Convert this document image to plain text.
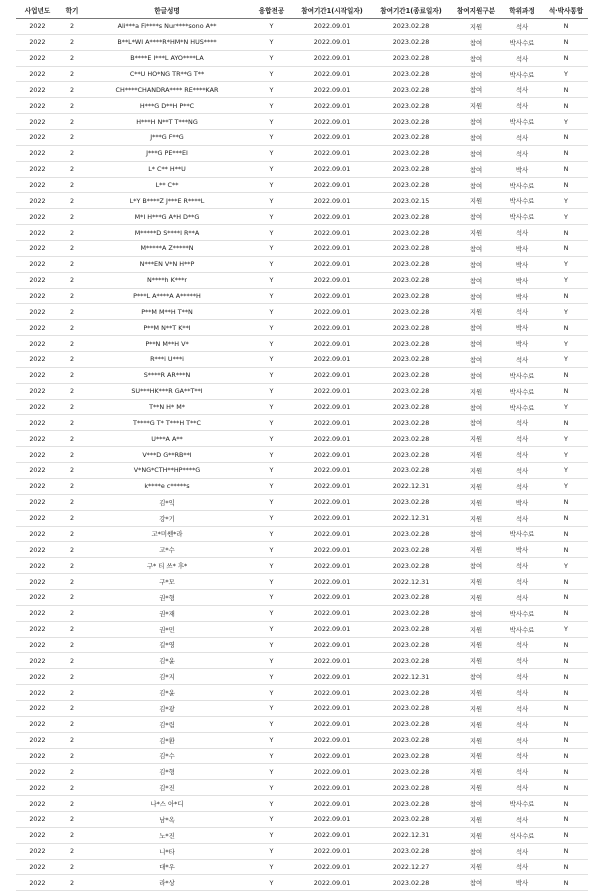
사업년도	학기	한글성명	융합전공	참여기간1(시작일자)	참여기간1(종료일자)	참여지원구분	학위과정	석·박사통합
2022	2	Ali***a Fi****s Nur****sono A**	Y	2022.09.01	2023.02.28	지원	석사	N
2022	2	B**L*WI A****R*HM*N HUS****	Y	2022.09.01	2023.02.28	참여	박사수료	N
2022	2	B****E I***L AYO****LA	Y	2022.09.01	2023.02.28	참여	석사	N
2022	2	C**U HO*NG TR**G T**	Y	2022.09.01	2023.02.28	참여	박사수료	Y
2022	2	CH****CHANDRA**** RE****KAR	Y	2022.09.01	2023.02.28	참여	석사	N
2022	2	H***G D**H P**C	Y	2022.09.01	2023.02.28	지원	석사	N
2022	2	H***H N**T T***NG	Y	2022.09.01	2023.02.28	참여	박사수료	Y
2022	2	J***G F**G	Y	2022.09.01	2023.02.28	참여	석사	N
2022	2	J***G PE***EI	Y	2022.09.01	2023.02.28	참여	석사	N
2022	2	L* C** H**U	Y	2022.09.01	2023.02.28	참여	박사	N
2022	2	L** C**	Y	2022.09.01	2023.02.28	참여	박사수료	N
2022	2	L*Y B****Z J***E R****L	Y	2022.09.01	2023.02.15	지원	박사수료	Y
2022	2	M*I H***G A*H D**G	Y	2022.09.01	2023.02.28	참여	박사수료	Y
2022	2	M*****D S****I R**A	Y	2022.09.01	2023.02.28	지원	석사	N
2022	2	M*****A Z*****N	Y	2022.09.01	2023.02.28	참여	박사	N
2022	2	N***EN V*N H**P	Y	2022.09.01	2023.02.28	참여	박사	Y
2022	2	N****h K***r	Y	2022.09.01	2023.02.28	참여	박사	Y
2022	2	P***L A****A A*****H	Y	2022.09.01	2023.02.28	참여	박사	N
2022	2	P**M M**H T**N	Y	2022.09.01	2023.02.28	지원	석사	Y
2022	2	P**M N**T K**I	Y	2022.09.01	2023.02.28	참여	박사	N
2022	2	P**N M**H V*	Y	2022.09.01	2023.02.28	참여	박사	Y
2022	2	R***i U***i	Y	2022.09.01	2023.02.28	참여	석사	Y
2022	2	S****R AR***N	Y	2022.09.01	2023.02.28	참여	박사수료	N
2022	2	SU***HK***R GA**T**I	Y	2022.09.01	2023.02.28	지원	박사수료	N
2022	2	T**N H* M*	Y	2022.09.01	2023.02.28	참여	박사수료	Y
2022	2	T****G T* T***H T**C	Y	2022.09.01	2023.02.28	참여	석사	N
2022	2	U***A A**	Y	2022.09.01	2023.02.28	지원	석사	Y
2022	2	V***D G**RB**I	Y	2022.09.01	2023.02.28	지원	석사	Y
2022	2	V*NG*CTH**HP****G	Y	2022.09.01	2023.02.28	지원	석사	Y
2022	2	k****e c*****s	Y	2022.09.01	2022.12.31	지원	석사	Y
2022	2	김*익	Y	2022.09.01	2023.02.28	지원	박사	N
2022	2	강*기	Y	2022.09.01	2022.12.31	지원	석사	N
2022	2	고*미쎈*라	Y	2022.09.01	2023.02.28	참여	박사수료	N
2022	2	고*수	Y	2022.09.01	2023.02.28	지원	박사	N
2022	2	구* 티 쓰* 후*	Y	2022.09.01	2023.02.28	참여	석사	Y
2022	2	구*모	Y	2022.09.01	2022.12.31	지원	석사	N
2022	2	권*형	Y	2022.09.01	2023.02.28	지원	석사	N
2022	2	권*재	Y	2022.09.01	2023.02.28	참여	박사수료	N
2022	2	권*민	Y	2022.09.01	2023.02.28	지원	박사수료	Y
2022	2	길*영	Y	2022.09.01	2023.02.28	지원	석사	N
2022	2	김*윤	Y	2022.09.01	2023.02.28	지원	석사	N
2022	2	김*지	Y	2022.09.01	2022.12.31	참여	석사	N
2022	2	김*윤	Y	2022.09.01	2023.02.28	지원	석사	N
2022	2	김*광	Y	2022.09.01	2023.02.28	지원	석사	N
2022	2	김*림	Y	2022.09.01	2023.02.28	지원	석사	N
2022	2	김*환	Y	2022.09.01	2023.02.28	지원	석사	N
2022	2	김*수	Y	2022.09.01	2023.02.28	지원	석사	N
2022	2	김*형	Y	2022.09.01	2023.02.28	지원	석사	N
2022	2	김*진	Y	2022.09.01	2023.02.28	지원	석사	N
2022	2	나*스 아*디	Y	2022.09.01	2023.02.28	참여	박사수료	N
2022	2	남*옥	Y	2022.09.01	2023.02.28	지원	석사	N
2022	2	노*진	Y	2022.09.01	2022.12.31	지원	석사수료	N
2022	2	니*타	Y	2022.09.01	2023.02.28	참여	석사	N
2022	2	대*우	Y	2022.09.01	2022.12.27	지원	석사	N
2022	2	라*상	Y	2022.09.01	2023.02.28	참여	박사	N
